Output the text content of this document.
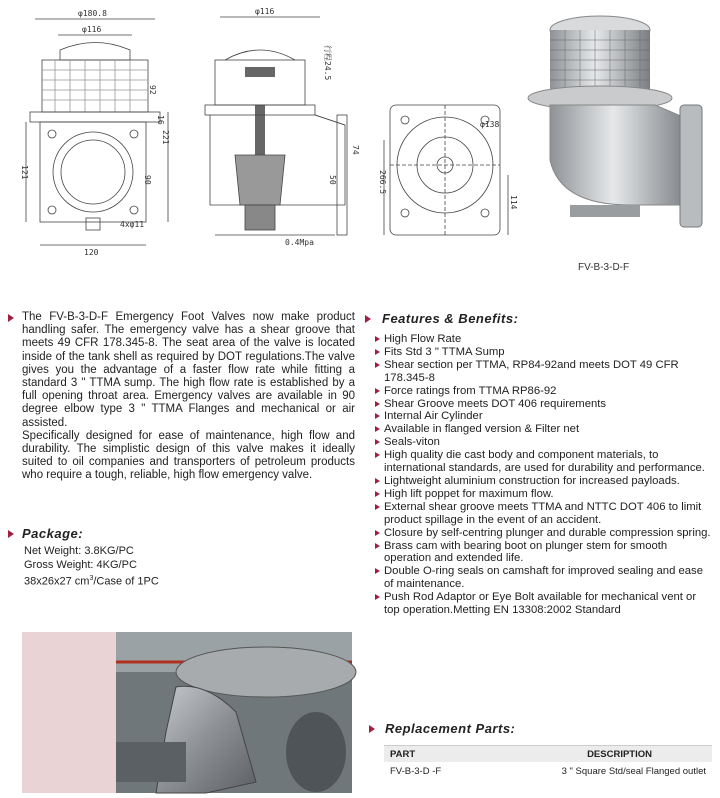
φ180.8
φ116
92
16
221
121
90
120
4xφ11
φ116
行程24.5
74
50
0.4Mpa
φ138
266.5
114
FV-B-3-D-F

The FV-B-3-D-F Emergency Foot Valves now make product handling safer. The emergency valve has a shear groove that meets 49 CFR 178.345-8. The seat area of the valve is located inside of the tank shell as required by DOT regulations.The valve gives you the advantage of a faster flow rate while fitting a standard 3 " TTMA sump. The high flow rate is established by a full opening throat area. Emergency valves are available in 90 degree elbow type 3 " TTMA Flanges and mechanical or air assisted.

Specifically designed for ease of maintenance, high flow and durability. The simplistic design of this valve makes it ideally suited to oil companies and transporters of petroleum products who require a tough, reliable, high flow emergency valve.

Package:
Net Weight: 3.8KG/PC
Gross Weight: 4KG/PC
38x26x27 $cm^3$/Case of 1PC
Features & Benefits:
High Flow Rate
Fits Std 3 " TTMA Sump
Shear section per TTMA, RP84-92and meets DOT 49 CFR 178.345-8
Force ratings from TTMA RP86-92
Shear Groove meets DOT 406 requirements
Internal Air Cylinder
Available in flanged version & Filter net
Seals-viton
High quality die cast body and component materials, to international standards, are used for durability and performance.
Lightweight aluminium construction for increased payloads.
High lift poppet for maximum flow.
External shear groove meets TTMA and NTTC DOT 406 to limit product spillage in the event of an accident.
Closure by self-centring plunger and durable compression spring.
Brass cam with bearing boot on plunger stem for smooth operation and extended life.
Double O-ring seals on camshaft for improved sealing and ease of maintenance.
Push Rod Adaptor or Eye Bolt available for mechanical vent or top operation.Metting EN 13308:2002 Standard
Replacement Parts:
PART	DESCRIPTION
FV-B-3-D -F	3 " Square Std/seal Flanged outlet
